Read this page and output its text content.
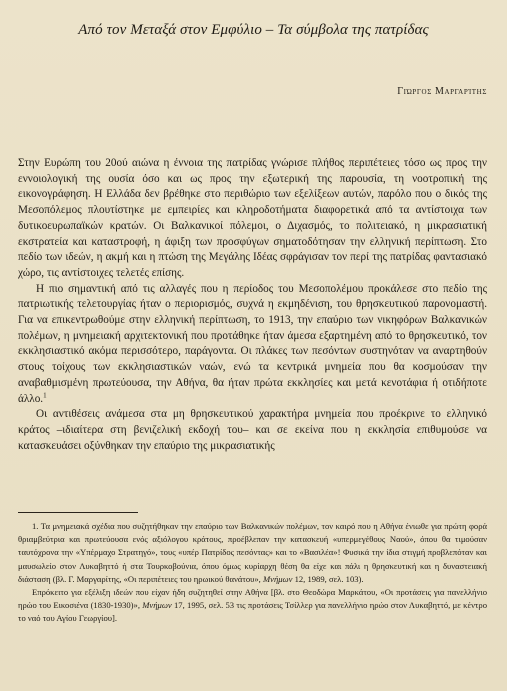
Από τον Μεταξά στον Εμφύλιο – Τα σύμβολα της πατρίδας
Γιώργος Μαργαρίτης

Στην Ευρώπη του 20ού αιώνα η έννοια της πατρίδας γνώρισε πλήθος περιπέτειες τόσο ως προς την εννοιολογική της ουσία όσο και ως προς την εξωτερική της παρουσία, τη νοοτροπική της εικονογράφηση. Η Ελλάδα δεν βρέθηκε στο περιθώριο των εξελίξεων αυτών, παρόλο που ο δικός της Μεσοπόλεμος πλουτίστηκε με εμπειρίες και κληροδοτήματα διαφορετικά από τα αντίστοιχα των δυτικοευρωπαϊκών κρατών. Οι Βαλκανικοί πόλεμοι, ο Διχασμός, το πολιτειακό, η μικρασιατική εκστρατεία και καταστροφή, η άφιξη των προσφύγων σηματοδότησαν την ελληνική περίπτωση. Στο πεδίο των ιδεών, η ακμή και η πτώση της Μεγάλης Ιδέας σφράγισαν τον περί της πατρίδας φαντασιακό χώρο, τις αντίστοιχες τελετές επίσης.

Η πιο σημαντική από τις αλλαγές που η περίοδος του Μεσοπολέμου προκάλεσε στο πεδίο της πατριωτικής τελετουργίας ήταν ο περιορισμός, συχνά η εκμηδένιση, του θρησκευτικού παρονομαστή. Για να επικεντρωθούμε στην ελληνική περίπτωση, το 1913, την επαύριο των νικηφόρων Βαλκανικών πολέμων, η μνημειακή αρχιτεκτονική που προτάθηκε ήταν άμεσα εξαρτημένη από το θρησκευτικό, τον εκκλησιαστικό ακόμα περισσότερο, παράγοντα. Οι πλάκες των πεσόντων συστηνόταν να αναρτηθούν στους τοίχους των εκκλησιαστικών ναών, ενώ τα κεντρικά μνημεία που θα κοσμούσαν την αναβαθμισμένη πρωτεύουσα, την Αθήνα, θα ήταν πρώτα εκκλησίες και μετά κενοτάφια ή οτιδήποτε άλλο.$^1$

Οι αντιθέσεις ανάμεσα στα μη θρησκευτικού χαρακτήρα μνημεία που προέκρινε το ελληνικό κράτος –ιδιαίτερα στη βενιζελική εκδοχή του– και σε εκείνα που η εκκλησία επιθυμούσε να κατασκευάσει οξύνθηκαν την επαύριο της μικρασιατικής

1. Τα μνημειακά σχέδια που συζητήθηκαν την επαύριο των Βαλκανικών πολέμων, τον καιρό που η Αθήνα ένιωθε για πρώτη φορά θριαμβεύτρια και πρωτεύουσα ενός αξιόλογου κράτους, προέβλεπαν την κατασκευή «υπερμεγέθους Ναού», όπου θα τιμούσαν ταυτόχρονα την «Υπέρμαχο Στρατηγό», τους «υπέρ Πατρίδος πεσόντας» και το «Βασιλέα»! Φυσικά την ίδια στιγμή προβλεπόταν και μαυσωλείο στον Λυκαβηττό ή στα Τουρκοβούνια, όπου όμως κυρίαρχη θέση θα είχε και πάλι η θρησκευτική και η δυναστειακή διάσταση (βλ. Γ. Μαργαρίτης, «Οι περιπέτειες του ηρωικού θανάτου», Μνήμων 12, 1989, σελ. 103).

Επρόκειτο για εξέλιξη ιδεών που είχαν ήδη συζητηθεί στην Αθήνα [βλ. στο Θεοδώρα Μαρκάτου, «Οι προτάσεις για πανελλήνιο ηρώο του Εικοσιένα (1830-1930)», Μνήμων 17, 1995, σελ. 53 τις προτάσεις Τσίλλερ για πανελλήνιο ηρώο στον Λυκαβηττό, με κέντρο το ναό του Αγίου Γεωργίου].
